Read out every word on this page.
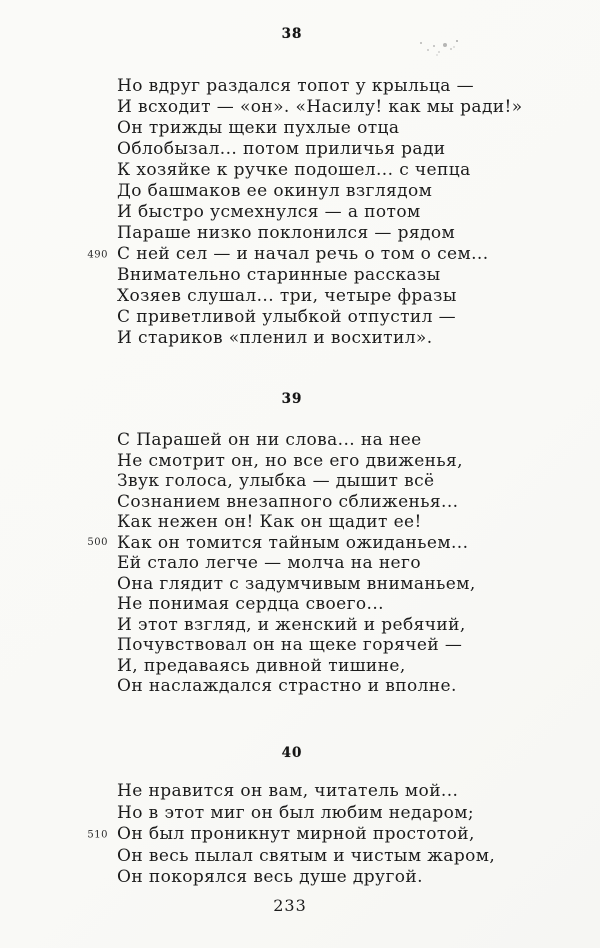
38
Но вдруг раздался топот у крыльца —
И всходит — «он». «Насилу! как мы ради!»
Он трижды щеки пухлые отца
Облобызал... потом приличья ради
К хозяйке к ручке подошел... с чепца
До башмаков ее окинул взглядом
И быстро усмехнулся — а потом
Параше низко поклонился — рядом
490 С ней сел — и начал речь о том о сем...
Внимательно старинные рассказы
Хозяев слушал... три, четыре фразы
С приветливой улыбкой отпустил —
И стариков «пленил и восхитил».
39
С Парашей он ни слова... на нее
Не смотрит он, но все его движенья,
Звук голоса, улыбка — дышит всё
Сознанием внезапного сближенья...
Как нежен он! Как он щадит ее!
500 Как он томится тайным ожиданьем...
Ей стало легче — молча на него
Она глядит с задумчивым вниманьем,
Не понимая сердца своего...
И этот взгляд, и женский и ребячий,
Почувствовал он на щеке горячей —
И, предаваясь дивной тишине,
Он наслаждался страстно и вполне.
40
Не нравится он вам, читатель мой...
Но в этот миг он был любим недаром;
510 Он был проникнут мирной простотой,
Он весь пылал святым и чистым жаром,
Он покорялся весь душе другой.
233
